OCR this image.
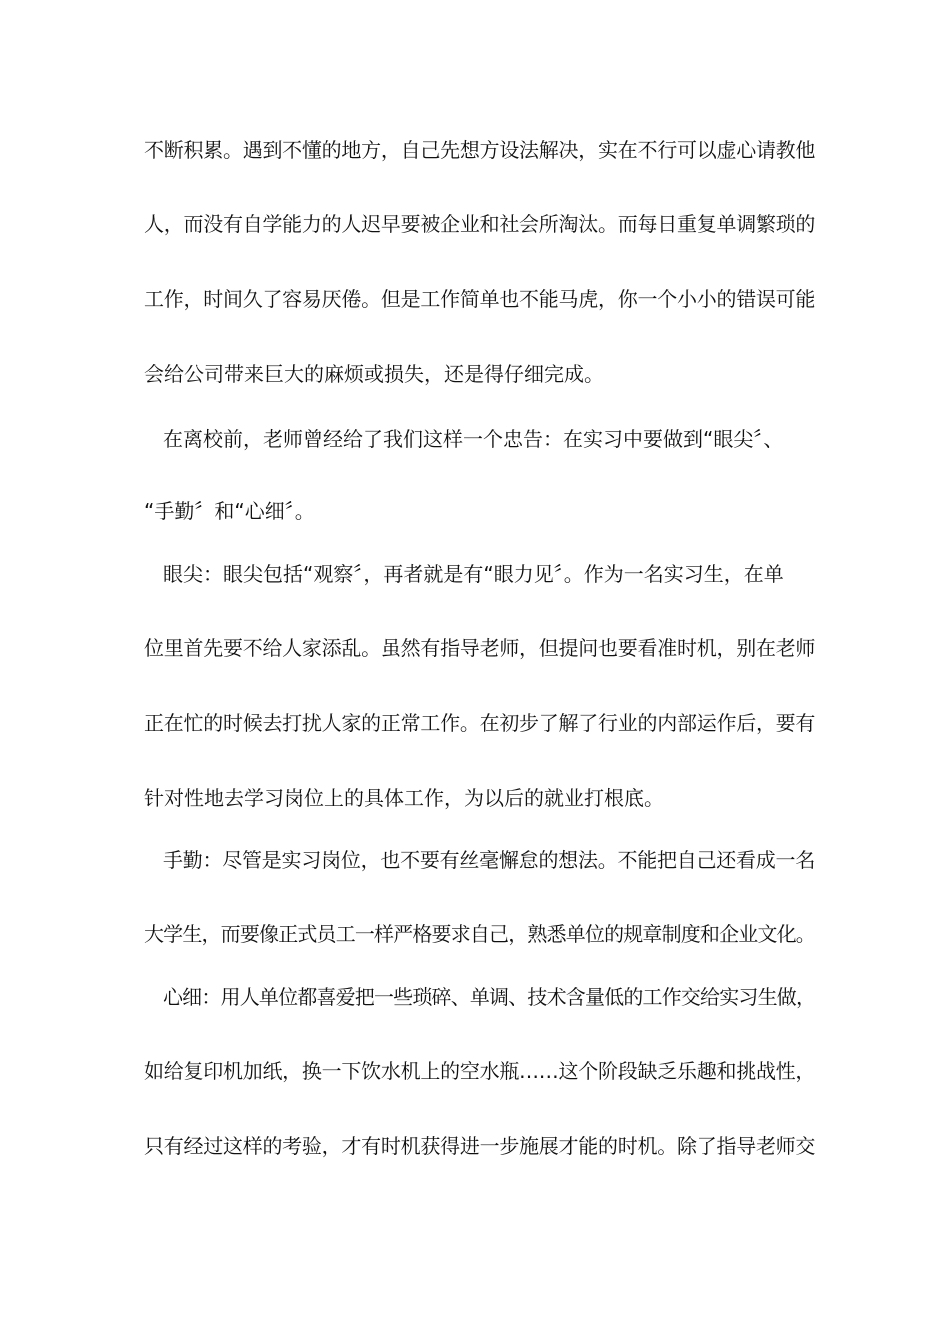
不断积累。遇到不懂的地方，自己先想方设法解决，实在不行可以虚心请教他
人，而没有自学能力的人迟早要被企业和社会所淘汰。而每日重复单调繁琐的
工作，时间久了容易厌倦。但是工作简单也不能马虎，你一个小小的错误可能
会给公司带来巨大的麻烦或损失，还是得仔细完成。
在离校前，老师曾经给了我们这样一个忠告：在实习中要做到“眼尖〞、
“手勤〞和“心细〞。
眼尖：眼尖包括“观察〞，再者就是有“眼力见〞。作为一名实习生，在单
位里首先要不给人家添乱。虽然有指导老师，但提问也要看准时机，别在老师
正在忙的时候去打扰人家的正常工作。在初步了解了行业的内部运作后，要有
针对性地去学习岗位上的具体工作，为以后的就业打根底。
手勤：尽管是实习岗位，也不要有丝毫懈怠的想法。不能把自己还看成一名
大学生，而要像正式员工一样严格要求自己，熟悉单位的规章制度和企业文化。
心细：用人单位都喜爱把一些琐碎、单调、技术含量低的工作交给实习生做，
如给复印机加纸，换一下饮水机上的空水瓶……这个阶段缺乏乐趣和挑战性，
只有经过这样的考验，才有时机获得进一步施展才能的时机。除了指导老师交
